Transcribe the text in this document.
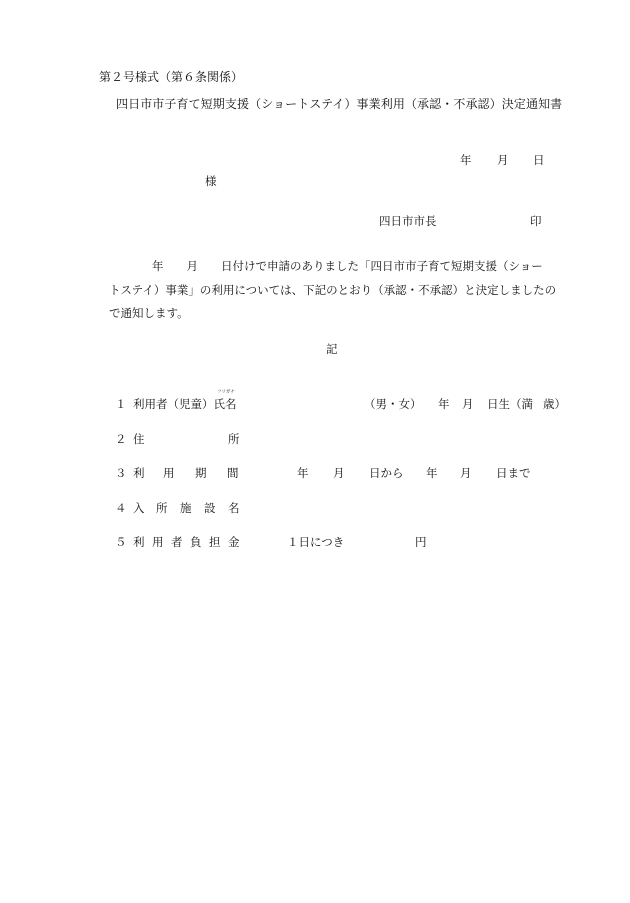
第２号様式（第６条関係）
四日市市子育て短期支援（ショートステイ）事業利用（承認・不承認）決定通知書
年 月 日
様
四日市市長	印
年　　月　　日付けで申請のありました「四日市市子育て短期支援（ショー
トステイ）事業」の利用については、下記のとおり（承認・不承認）と決定しましたの
で通知します。
記
１ 利用者（児童）氏名
フリガナ
（男・女） 年 月 日生（満 歳）
２ 住	所
３ 利 用 期 間	年 月 日から 年 月 日まで
４ 入 所 施 設 名
５ 利 用 者 負 担 金	１日につき	円
